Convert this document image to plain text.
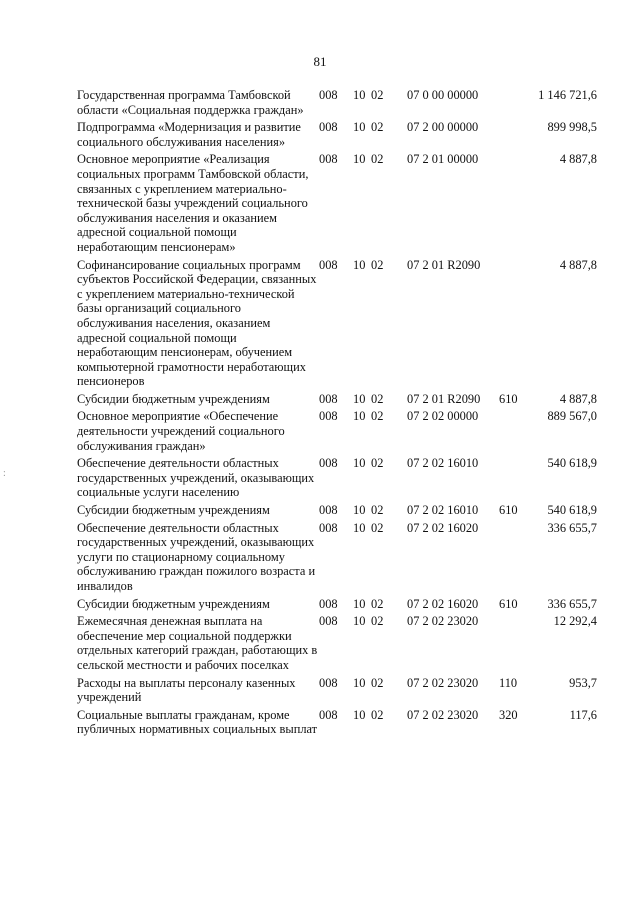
81
:
Государственная программа Тамбовской области «Социальная поддержка граждан»	008	10	02	07 0 00 00000		1 146 721,6
Подпрограмма «Модернизация и развитие социального обслуживания населения»	008	10	02	07 2 00 00000		899 998,5
Основное мероприятие «Реализация социальных программ Тамбовской области, связанных с укреплением материально-технической базы учреждений социального обслуживания населения и оказанием адресной социальной помощи неработающим пенсионерам»	008	10	02	07 2 01 00000		4 887,8
Софинансирование социальных программ субъектов Российской Федерации, связанных с укреплением материально-технической базы организаций социального обслуживания населения, оказанием адресной социальной помощи неработающим пенсионерам, обучением компьютерной грамотности неработающих пенсионеров	008	10	02	07 2 01 R2090		4 887,8
Субсидии бюджетным учреждениям	008	10	02	07 2 01 R2090	610	4 887,8
Основное мероприятие «Обеспечение деятельности учреждений социального обслуживания граждан»	008	10	02	07 2 02 00000		889 567,0
Обеспечение деятельности областных государственных учреждений, оказывающих социальные услуги населению	008	10	02	07 2 02 16010		540 618,9
Субсидии бюджетным учреждениям	008	10	02	07 2 02 16010	610	540 618,9
Обеспечение деятельности областных государственных учреждений, оказывающих услуги по стационарному социальному обслуживанию граждан пожилого возраста и инвалидов	008	10	02	07 2 02 16020		336 655,7
Субсидии бюджетным учреждениям	008	10	02	07 2 02 16020	610	336 655,7
Ежемесячная денежная выплата на обеспечение мер социальной поддержки отдельных категорий граждан, работающих в сельской местности и рабочих поселках	008	10	02	07 2 02 23020		12 292,4
Расходы на выплаты персоналу казенных учреждений	008	10	02	07 2 02 23020	110	953,7
Социальные выплаты гражданам, кроме публичных нормативных социальных выплат	008	10	02	07 2 02 23020	320	117,6
